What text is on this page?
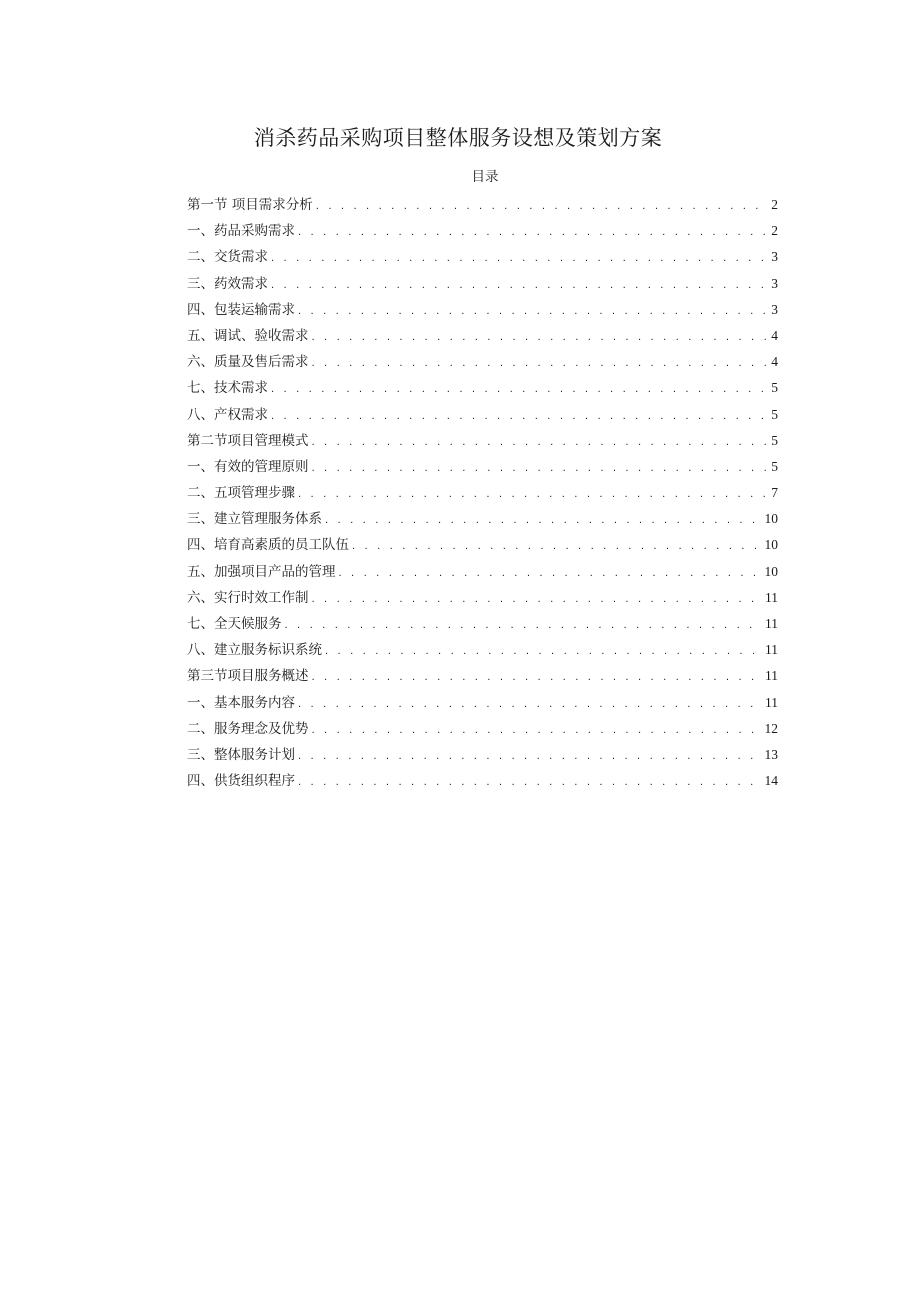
消杀药品采购项目整体服务设想及策划方案
目录
第一节 项目需求分析 . . .	2
一、药品采购需求 . . .	2
二、交货需求 . . .	3
三、药效需求 . . .	3
四、包装运输需求 . . .	3
五、调试、验收需求 . . .	4
六、质量及售后需求 . . .	4
七、技术需求 . . .	5
八、产权需求 . . .	5
第二节项目管理模式 . . .	5
一、有效的管理原则 . . .	5
二、五项管理步骤 . . .	7
三、建立管理服务体系 . . .	10
四、培育高素质的员工队伍 . . .	10
五、加强项目产品的管理 . . .	10
六、实行时效工作制 . . .	11
七、全天候服务 . . .	11
八、建立服务标识系统 . . .	11
第三节项目服务概述 . . .	11
一、基本服务内容 . . .	11
二、服务理念及优势 . . .	12
三、整体服务计划 . . .	13
四、供货组织程序 . . .	14
